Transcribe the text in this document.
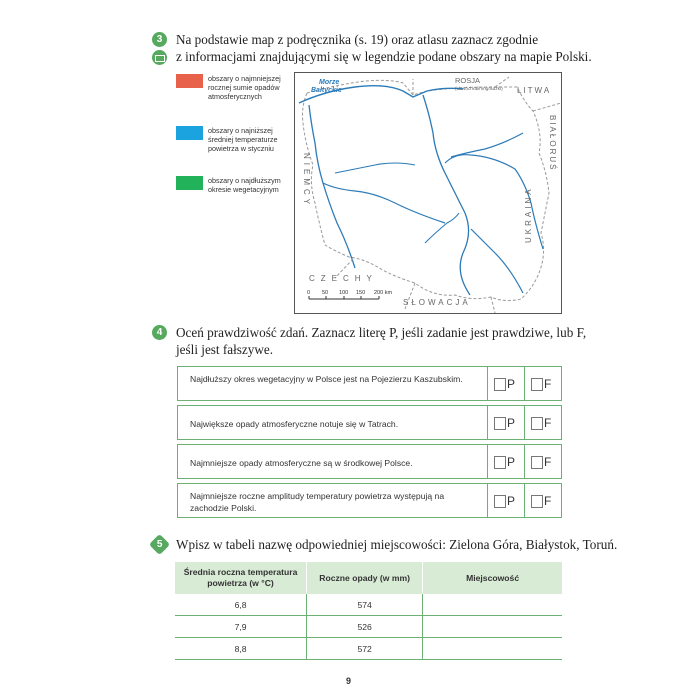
3 Na podstawie map z podręcznika (s. 19) oraz atlasu zaznacz zgodnie
z informacjami znajdującymi się w legendzie podane obszary na mapie Polski.
obszary o najmniejszej rocznej sumie opadów atmosferycznych
obszary o najniższej średniej temperaturze powietrza w styczniu
obszary o najdłuższym okresie wegetacyjnym
Morze
Bałtyckie
ROSJA
(obwód kaliningradzki) LITWA
BIAŁORUŚ
NIEMCY
CZECHY
SŁOWACJA
UKRAINA
0 50 100 150 200 km
4 Oceń prawdziwość zdań. Zaznacz literę P, jeśli zadanie jest prawdziwe, lub F,
jeśli jest fałszywe.
Najdłuższy okres wegetacyjny w Polsce jest na Pojezierzu Kaszubskim.	P F
Największe opady atmosferyczne notuje się w Tatrach.	P F
Najmniejsze opady atmosferyczne są w środkowej Polsce.	P F
Najmniejsze roczne amplitudy temperatury powietrza występują na zachodzie Polski.	P F
5 Wpisz w tabeli nazwę odpowiedniej miejscowości: Zielona Góra, Białystok, Toruń.
Średnia roczna temperatura powietrza (w °C)	Roczne opady (w mm)	Miejscowość
6,8	574	
7,9	526	
8,8	572	
9
